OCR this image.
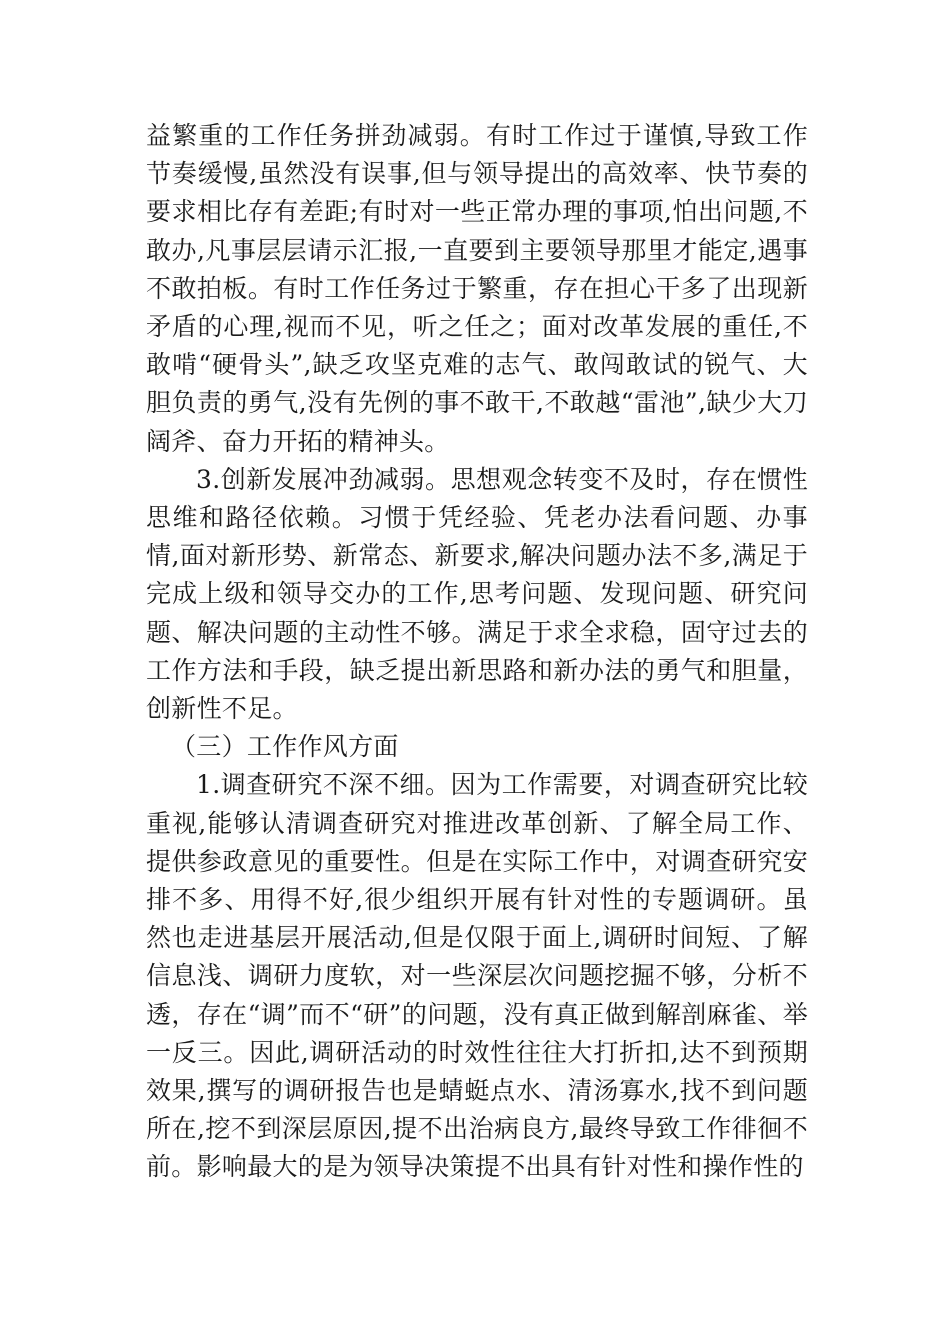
益繁重的工作任务拼劲减弱。有时工作过于谨慎,导致工作节奏缓慢,虽然没有误事,但与领导提出的高效率、快节奏的要求相比存有差距;有时对一些正常办理的事项,怕出问题,不敢办,凡事层层请示汇报,一直要到主要领导那里才能定,遇事不敢拍板。有时工作任务过于繁重，存在担心干多了出现新矛盾的心理,视而不见，听之任之；面对改革发展的重任,不敢啃“硬骨头”,缺乏攻坚克难的志气、敢闯敢试的锐气、大胆负责的勇气,没有先例的事不敢干,不敢越“雷池”,缺少大刀阔斧、奋力开拓的精神头。

3.创新发展冲劲减弱。思想观念转变不及时，存在惯性思维和路径依赖。习惯于凭经验、凭老办法看问题、办事情,面对新形势、新常态、新要求,解决问题办法不多,满足于完成上级和领导交办的工作,思考问题、发现问题、研究问题、解决问题的主动性不够。满足于求全求稳，固守过去的工作方法和手段，缺乏提出新思路和新办法的勇气和胆量，创新性不足。

（三）工作作风方面

1.调查研究不深不细。因为工作需要，对调查研究比较重视,能够认清调查研究对推进改革创新、了解全局工作、提供参政意见的重要性。但是在实际工作中，对调查研究安排不多、用得不好,很少组织开展有针对性的专题调研。虽然也走进基层开展活动,但是仅限于面上,调研时间短、了解信息浅、调研力度软，对一些深层次问题挖掘不够，分析不透，存在“调”而不“研”的问题，没有真正做到解剖麻雀、举一反三。因此,调研活动的时效性往往大打折扣,达不到预期效果,撰写的调研报告也是蜻蜓点水、清汤寡水,找不到问题所在,挖不到深层原因,提不出治病良方,最终导致工作徘徊不前。影响最大的是为领导决策提不出具有针对性和操作性的
